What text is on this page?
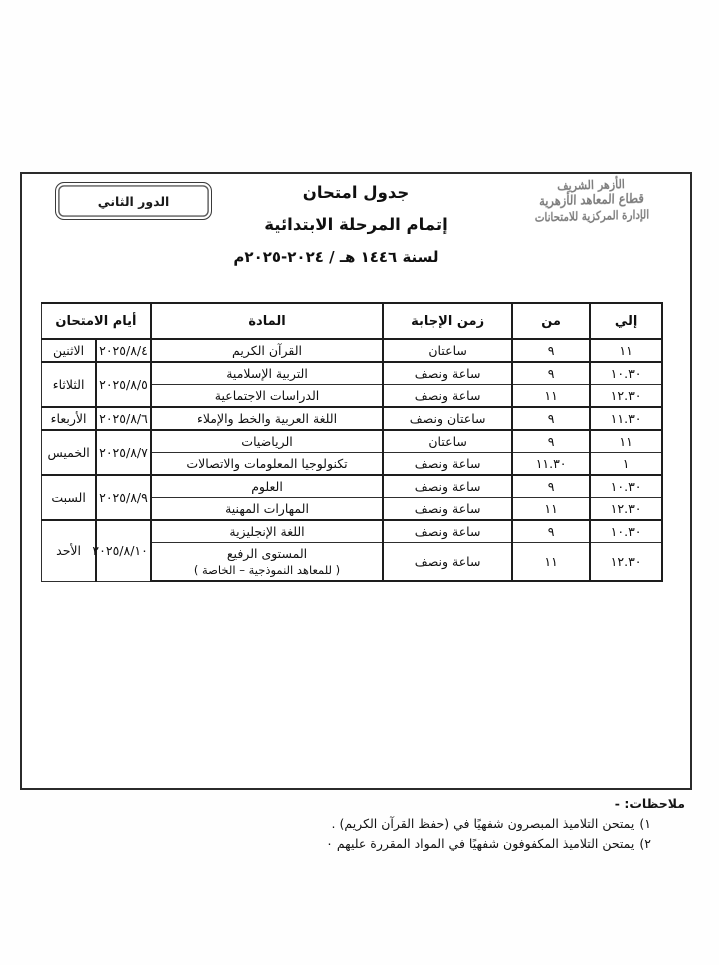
الدور الثاني	جدول امتحان
إتمام المرحلة الابتدائية
لسنة ١٤٤٦ هـ / ٢٠٢٤-٢٠٢٥م
الأزهر الشريف
قطاع المعاهد الأزهرية
الإدارة المركزية للامتحانات
إلي	من	زمن الإجابة	المادة	أيام الامتحان	
١١	٩	ساعتان	القرآن الكريم	٢٠٢٥/٨/٤	الاثنين
١٠.٣٠	٩	ساعة ونصف	التربية الإسلامية	٢٠٢٥/٨/٥	الثلاثاء
١٢.٣٠	١١	ساعة ونصف	الدراسات الاجتماعية		

١١.٣٠	٩	ساعتان ونصف	اللغة العربية والخط والإملاء	٢٠٢٥/٨/٦	الأربعاء
١١	٩	ساعتان	الرياضيات	٢٠٢٥/٨/٧	الخميس
١	١١.٣٠	ساعة ونصف	تكنولوجيا المعلومات والاتصالات		

١٠.٣٠	٩	ساعة ونصف	العلوم	٢٠٢٥/٨/٩	السبت
١٢.٣٠	١١	ساعة ونصف	المهارات المهنية		

١٠.٣٠	٩	ساعة ونصف	اللغة الإنجليزية	٢٠٢٥/٨/١٠	الأحد
١٢.٣٠	١١	ساعة ونصف	المستوى الرفيع
( للمعاهد النموذجية – الخاصة )		
ملاحظات: -
١)يمتحن التلاميذ المبصرون شفهيًا في (حفظ القرآن الكريم) .
٢)يمتحن التلاميذ المكفوفون شفهيًا في المواد المقررة عليهم ٠
